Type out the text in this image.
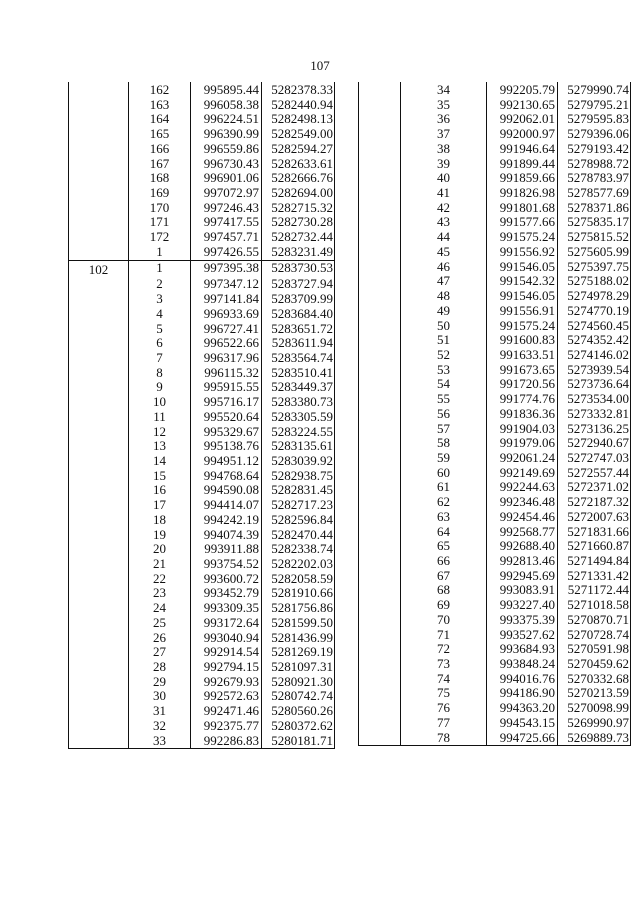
107
	162	995895.44	5282378.33
	163	996058.38	5282440.94
	164	996224.51	5282498.13
	165	996390.99	5282549.00
	166	996559.86	5282594.27
	167	996730.43	5282633.61
	168	996901.06	5282666.76
	169	997072.97	5282694.00
	170	997246.43	5282715.32
	171	997417.55	5282730.28
	172	997457.71	5282732.44
	1	997426.55	5283231.49
102	1	997395.38	5283730.53
	2	997347.12	5283727.94
	3	997141.84	5283709.99
	4	996933.69	5283684.40
	5	996727.41	5283651.72
	6	996522.66	5283611.94
	7	996317.96	5283564.74
	8	996115.32	5283510.41
	9	995915.55	5283449.37
	10	995716.17	5283380.73
	11	995520.64	5283305.59
	12	995329.67	5283224.55
	13	995138.76	5283135.61
	14	994951.12	5283039.92
	15	994768.64	5282938.75
	16	994590.08	5282831.45
	17	994414.07	5282717.23
	18	994242.19	5282596.84
	19	994074.39	5282470.44
	20	993911.88	5282338.74
	21	993754.52	5282202.03
	22	993600.72	5282058.59
	23	993452.79	5281910.66
	24	993309.35	5281756.86
	25	993172.64	5281599.50
	26	993040.94	5281436.99
	27	992914.54	5281269.19
	28	992794.15	5281097.31
	29	992679.93	5280921.30
	30	992572.63	5280742.74
	31	992471.46	5280560.26
	32	992375.77	5280372.62
	33	992286.83	5280181.71
	34	992205.79	5279990.74
	35	992130.65	5279795.21
	36	992062.01	5279595.83
	37	992000.97	5279396.06
	38	991946.64	5279193.42
	39	991899.44	5278988.72
	40	991859.66	5278783.97
	41	991826.98	5278577.69
	42	991801.68	5278371.86
	43	991577.66	5275835.17
	44	991575.24	5275815.52
	45	991556.92	5275605.99
	46	991546.05	5275397.75
	47	991542.32	5275188.02
	48	991546.05	5274978.29
	49	991556.91	5274770.19
	50	991575.24	5274560.45
	51	991600.83	5274352.42
	52	991633.51	5274146.02
	53	991673.65	5273939.54
	54	991720.56	5273736.64
	55	991774.76	5273534.00
	56	991836.36	5273332.81
	57	991904.03	5273136.25
	58	991979.06	5272940.67
	59	992061.24	5272747.03
	60	992149.69	5272557.44
	61	992244.63	5272371.02
	62	992346.48	5272187.32
	63	992454.46	5272007.63
	64	992568.77	5271831.66
	65	992688.40	5271660.87
	66	992813.46	5271494.84
	67	992945.69	5271331.42
	68	993083.91	5271172.44
	69	993227.40	5271018.58
	70	993375.39	5270870.71
	71	993527.62	5270728.74
	72	993684.93	5270591.98
	73	993848.24	5270459.62
	74	994016.76	5270332.68
	75	994186.90	5270213.59
	76	994363.20	5270098.99
	77	994543.15	5269990.97
	78	994725.66	5269889.73
